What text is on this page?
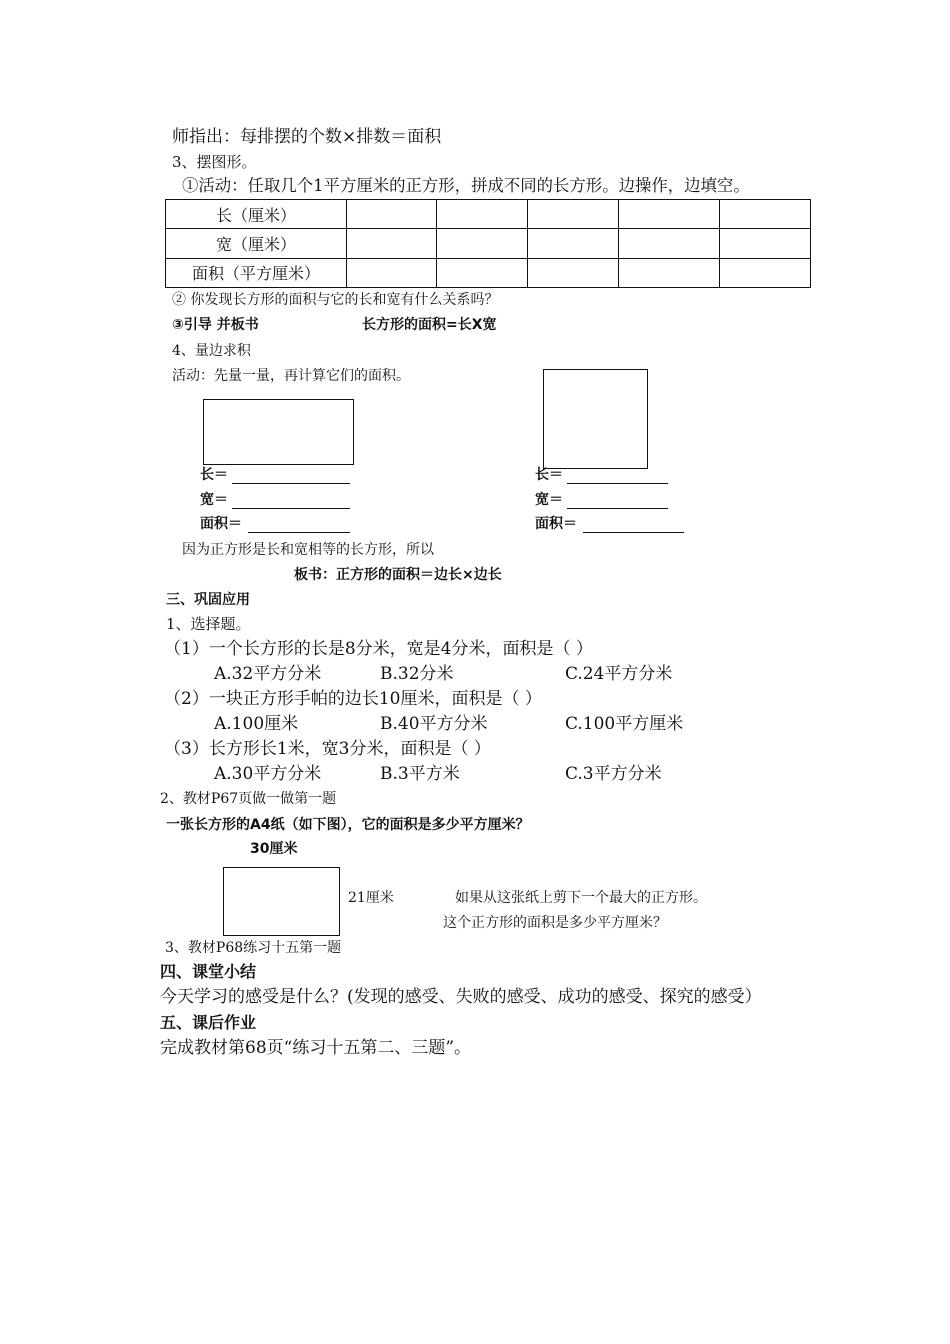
师指出：每排摆的个数×排数＝面积
3、摆图形。
①活动：任取几个1平方厘米的正方形，拼成不同的长方形。边操作，边填空。
长（厘米）					
宽（厘米）					
面积（平方厘米）					
② 你发现长方形的面积与它的长和宽有什么关系吗？
③引导 并板书	长方形的面积=长X宽
4、量边求积
活动：先量一量，再计算它们的面积。
长＝
宽＝
面积＝
长＝
宽＝
面积＝
因为正方形是长和宽相等的长方形，所以
板书：正方形的面积＝边长×边长
三、巩固应用
1、选择题。
（1）一个长方形的长是8分米，宽是4分米，面积是（ ）
A.32平方分米	B.32分米	C.24平方分米
（2）一块正方形手帕的边长10厘米，面积是（ ）
A.100厘米	B.40平方分米	C.100平方厘米
（3）长方形长1米，宽3分米，面积是（ ）
A.30平方分米	B.3平方米	C.3平方分米
2、教材P67页做一做第一题
一张长方形的A4纸（如下图），它的面积是多少平方厘米？
30厘米
21厘米	如果从这张纸上剪下一个最大的正方形。
这个正方形的面积是多少平方厘米？
3、教材P68练习十五第一题
四、课堂小结
今天学习的感受是什么？(发现的感受、失败的感受、成功的感受、探究的感受）
五、课后作业
完成教材第68页“练习十五第二、三题”。
